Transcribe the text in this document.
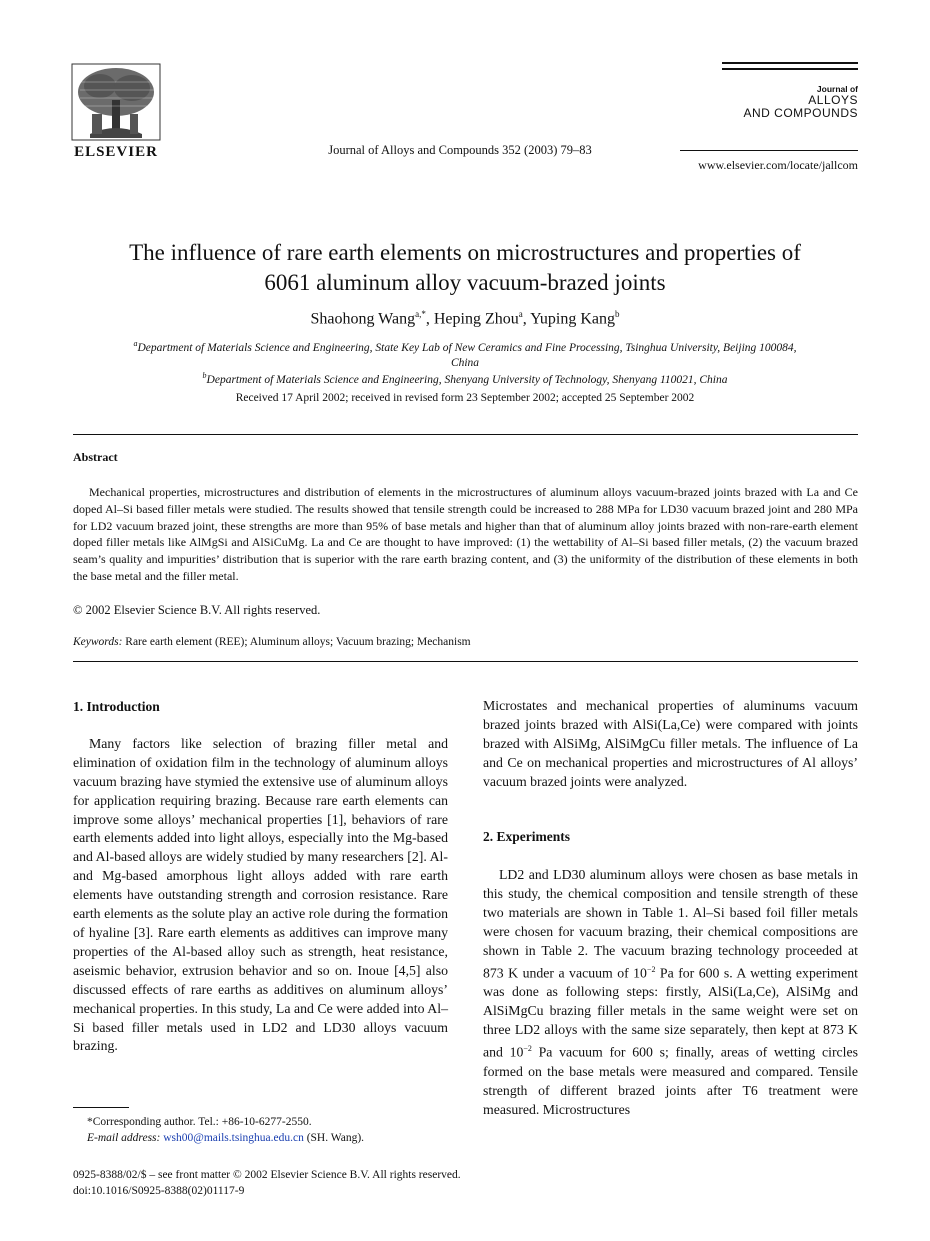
ELSEVIER	Journal of Alloys and Compounds 352 (2003) 79–83
Journal of
ALLOYS
AND COMPOUNDS
www.elsevier.com/locate/jallcom
The influence of rare earth elements on microstructures and properties of
6061 aluminum alloy vacuum-brazed joints
Shaohong Wang$^{a,*}$, Heping Zhou$^a$, Yuping Kang$^b$
$^a$Department of Materials Science and Engineering, State Key Lab of New Ceramics and Fine Processing, Tsinghua University, Beijing 100084,
China
$^b$Department of Materials Science and Engineering, Shenyang University of Technology, Shenyang 110021, China
Received 17 April 2002; received in revised form 23 September 2002; accepted 25 September 2002
Abstract
Mechanical properties, microstructures and distribution of elements in the microstructures of aluminum alloys vacuum-brazed joints brazed with La and Ce doped Al–Si based filler metals were studied. The results showed that tensile strength could be increased to 288 MPa for LD30 vacuum brazed joint and 280 MPa for LD2 vacuum brazed joint, these strengths are more than 95% of base metals and higher than that of aluminum alloy joints brazed with non-rare-earth element doped filler metals like AlMgSi and AlSiCuMg. La and Ce are thought to have improved: (1) the wettability of Al–Si based filler metals, (2) the vacuum brazed seam’s quality and impurities’ distribution that is superior with the rare earth brazing content, and (3) the uniformity of the distribution of these elements in both the base metal and the filler metal.
© 2002 Elsevier Science B.V. All rights reserved.
Keywords: Rare earth element (REE); Aluminum alloys; Vacuum brazing; Mechanism
1. Introduction
Many factors like selection of brazing filler metal and elimination of oxidation film in the technology of aluminum alloys vacuum brazing have stymied the extensive use of aluminum alloys for application requiring brazing. Because rare earth elements can improve some alloys’ mechanical properties [1], behaviors of rare earth elements added into light alloys, especially into the Mg-based and Al-based alloys are widely studied by many researchers [2]. Al- and Mg-based amorphous light alloys added with rare earth elements have outstanding strength and corrosion resistance. Rare earth elements as the solute play an active role during the formation of hyaline [3]. Rare earth elements as additives can improve many properties of the Al-based alloy such as strength, heat resistance, aseismic behavior, extrusion behavior and so on. Inoue [4,5] also discussed effects of rare earths as additives on aluminum alloys’ mechanical properties. In this study, La and Ce were added into Al–Si based filler metals used in LD2 and LD30 alloys vacuum brazing.
Microstates and mechanical properties of aluminums vacuum brazed joints brazed with AlSi(La,Ce) were compared with joints brazed with AlSiMg, AlSiMgCu filler metals. The influence of La and Ce on mechanical properties and microstructures of Al alloys’ vacuum brazed joints were analyzed.
2. Experiments
LD2 and LD30 aluminum alloys were chosen as base metals in this study, the chemical composition and tensile strength of these two materials are shown in Table 1. Al–Si based foil filler metals were chosen for vacuum brazing, their chemical compositions are shown in Table 2. The vacuum brazing technology proceeded at 873 K under a vacuum of $10^{-2}$ Pa for 600 s. A wetting experiment was done as following steps: firstly, AlSi(La,Ce), AlSiMg and AlSiMgCu brazing filler metals in the same weight were set on three LD2 alloys with the same size separately, then kept at 873 K and $10^{-2}$ Pa vacuum for 600 s; finally, areas of wetting circles formed on the base metals were measured and compared. Tensile strength of different brazed joints after T6 treatment were measured. Microstructures
*Corresponding author. Tel.: +86-10-6277-2550.
E-mail address: wsh00@mails.tsinghua.edu.cn (SH. Wang).
0925-8388/02/$ – see front matter © 2002 Elsevier Science B.V. All rights reserved.
doi:10.1016/S0925-8388(02)01117-9
